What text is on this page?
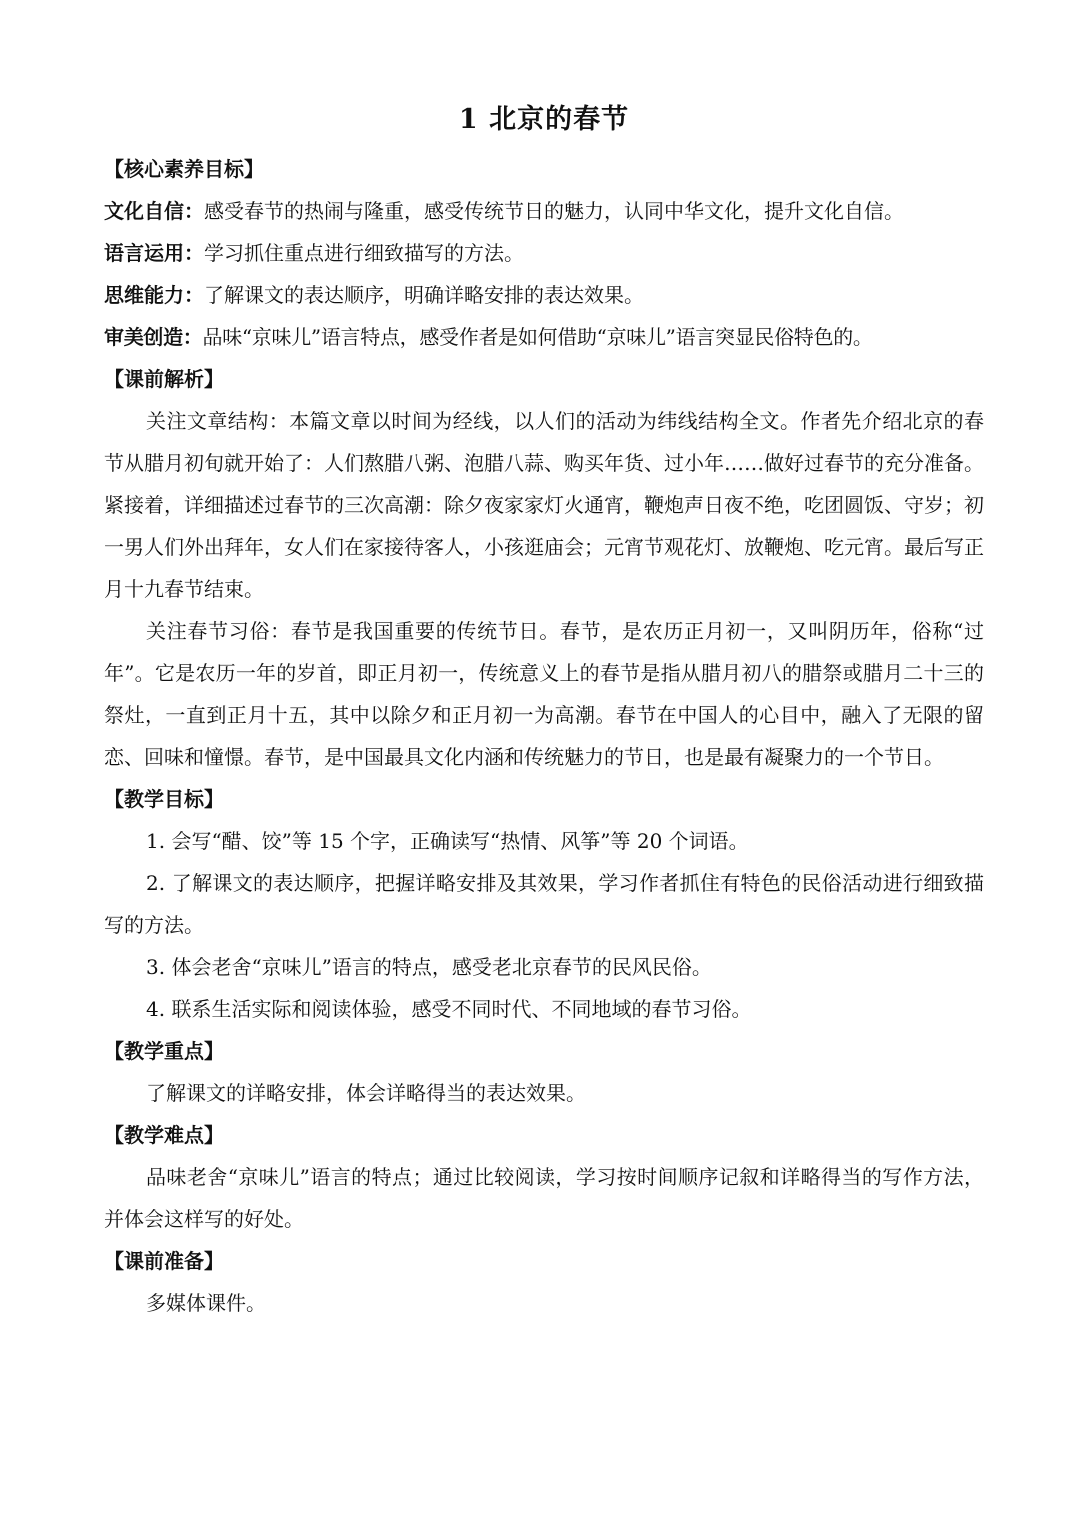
1 北京的春节
【核心素养目标】
文化自信：感受春节的热闹与隆重，感受传统节日的魅力，认同中华文化，提升文化自信。
语言运用：学习抓住重点进行细致描写的方法。
思维能力：了解课文的表达顺序，明确详略安排的表达效果。
审美创造：品味“京味儿”语言特点，感受作者是如何借助“京味儿”语言突显民俗特色的。
【课前解析】

关注文章结构：本篇文章以时间为经线，以人们的活动为纬线结构全文。作者先介绍北京的春节从腊月初旬就开始了：人们熬腊八粥、泡腊八蒜、购买年货、过小年……做好过春节的充分准备。紧接着，详细描述过春节的三次高潮：除夕夜家家灯火通宵，鞭炮声日夜不绝，吃团圆饭、守岁；初一男人们外出拜年，女人们在家接待客人，小孩逛庙会；元宵节观花灯、放鞭炮、吃元宵。最后写正月十九春节结束。

关注春节习俗：春节是我国重要的传统节日。春节，是农历正月初一，又叫阴历年，俗称“过年”。它是农历一年的岁首，即正月初一，传统意义上的春节是指从腊月初八的腊祭或腊月二十三的祭灶，一直到正月十五，其中以除夕和正月初一为高潮。春节在中国人的心目中，融入了无限的留恋、回味和憧憬。春节，是中国最具文化内涵和传统魅力的节日，也是最有凝聚力的一个节日。

【教学目标】
1. 会写“醋、饺”等 15 个字，正确读写“热情、风筝”等 20 个词语。

2. 了解课文的表达顺序，把握详略安排及其效果，学习作者抓住有特色的民俗活动进行细致描写的方法。

3. 体会老舍“京味儿”语言的特点，感受老北京春节的民风民俗。
4. 联系生活实际和阅读体验，感受不同时代、不同地域的春节习俗。
【教学重点】
了解课文的详略安排，体会详略得当的表达效果。
【教学难点】

品味老舍“京味儿”语言的特点；通过比较阅读，学习按时间顺序记叙和详略得当的写作方法，并体会这样写的好处。

【课前准备】
多媒体课件。
